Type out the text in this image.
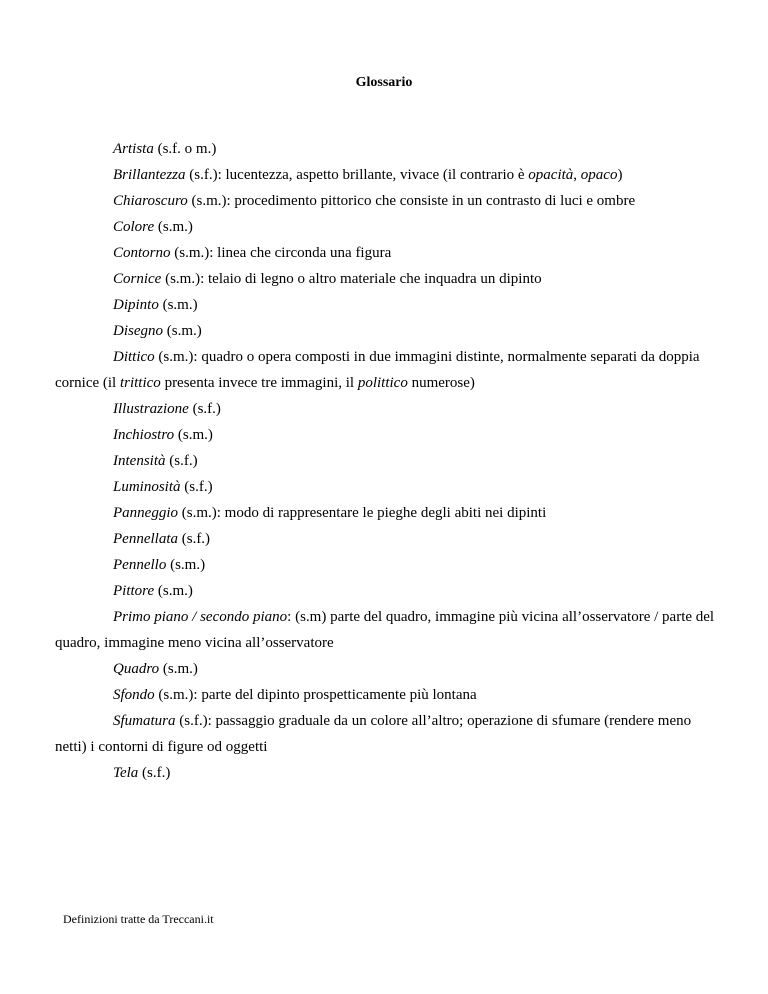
Glossario

Artista (s.f. o m.)

Brillantezza (s.f.): lucentezza, aspetto brillante, vivace (il contrario è opacità, opaco)

Chiaroscuro (s.m.): procedimento pittorico che consiste in un contrasto di luci e ombre

Colore (s.m.)

Contorno (s.m.): linea che circonda una figura

Cornice (s.m.): telaio di legno o altro materiale che inquadra un dipinto

Dipinto (s.m.)

Disegno (s.m.)

Dittico (s.m.): quadro o opera composti in due immagini distinte, normalmente separati da doppia cornice (il trittico presenta invece tre immagini, il polittico numerose)

Illustrazione (s.f.)

Inchiostro (s.m.)

Intensità (s.f.)

Luminosità (s.f.)

Panneggio (s.m.): modo di rappresentare le pieghe degli abiti nei dipinti

Pennellata (s.f.)

Pennello (s.m.)

Pittore (s.m.)

Primo piano / secondo piano: (s.m) parte del quadro, immagine più vicina all’osservatore / parte del quadro, immagine meno vicina all’osservatore

Quadro (s.m.)

Sfondo (s.m.): parte del dipinto prospetticamente più lontana

Sfumatura (s.f.): passaggio graduale da un colore all’altro; operazione di sfumare (rendere meno netti) i contorni di figure od oggetti

Tela (s.f.)

Definizioni tratte da Treccani.it
